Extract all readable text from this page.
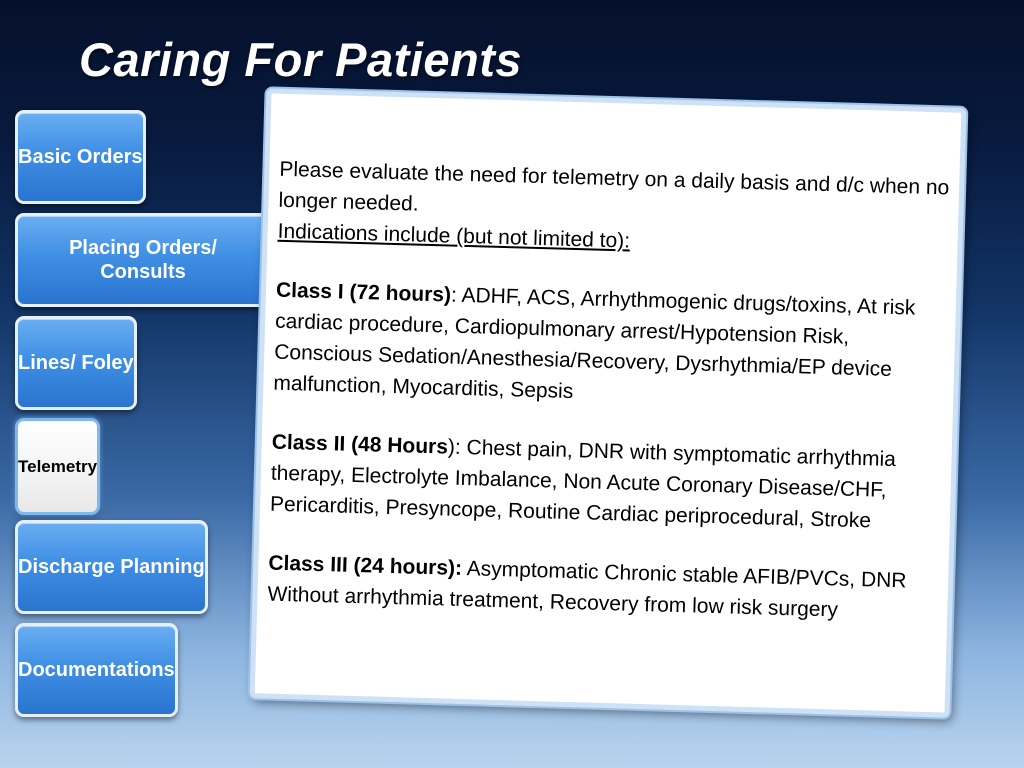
Caring For Patients
Basic Orders
Placing Orders/ Consults
Lines/ Foley
Telemetry
Discharge Planning
Documentations

Please evaluate the need for telemetry on a daily basis and d/c when no longer needed.

Indications include (but not limited to):

Class I (72 hours): ADHF, ACS, Arrhythmogenic drugs/toxins, At risk cardiac procedure, Cardiopulmonary arrest/Hypotension Risk, Conscious Sedation/Anesthesia/Recovery, Dysrhythmia/EP device malfunction, Myocarditis, Sepsis

Class II (48 Hours): Chest pain, DNR with symptomatic arrhythmia therapy, Electrolyte Imbalance, Non Acute Coronary Disease/CHF, Pericarditis, Presyncope, Routine Cardiac periprocedural, Stroke

Class III (24 hours): Asymptomatic Chronic stable AFIB/PVCs, DNR Without arrhythmia treatment, Recovery from low risk surgery
